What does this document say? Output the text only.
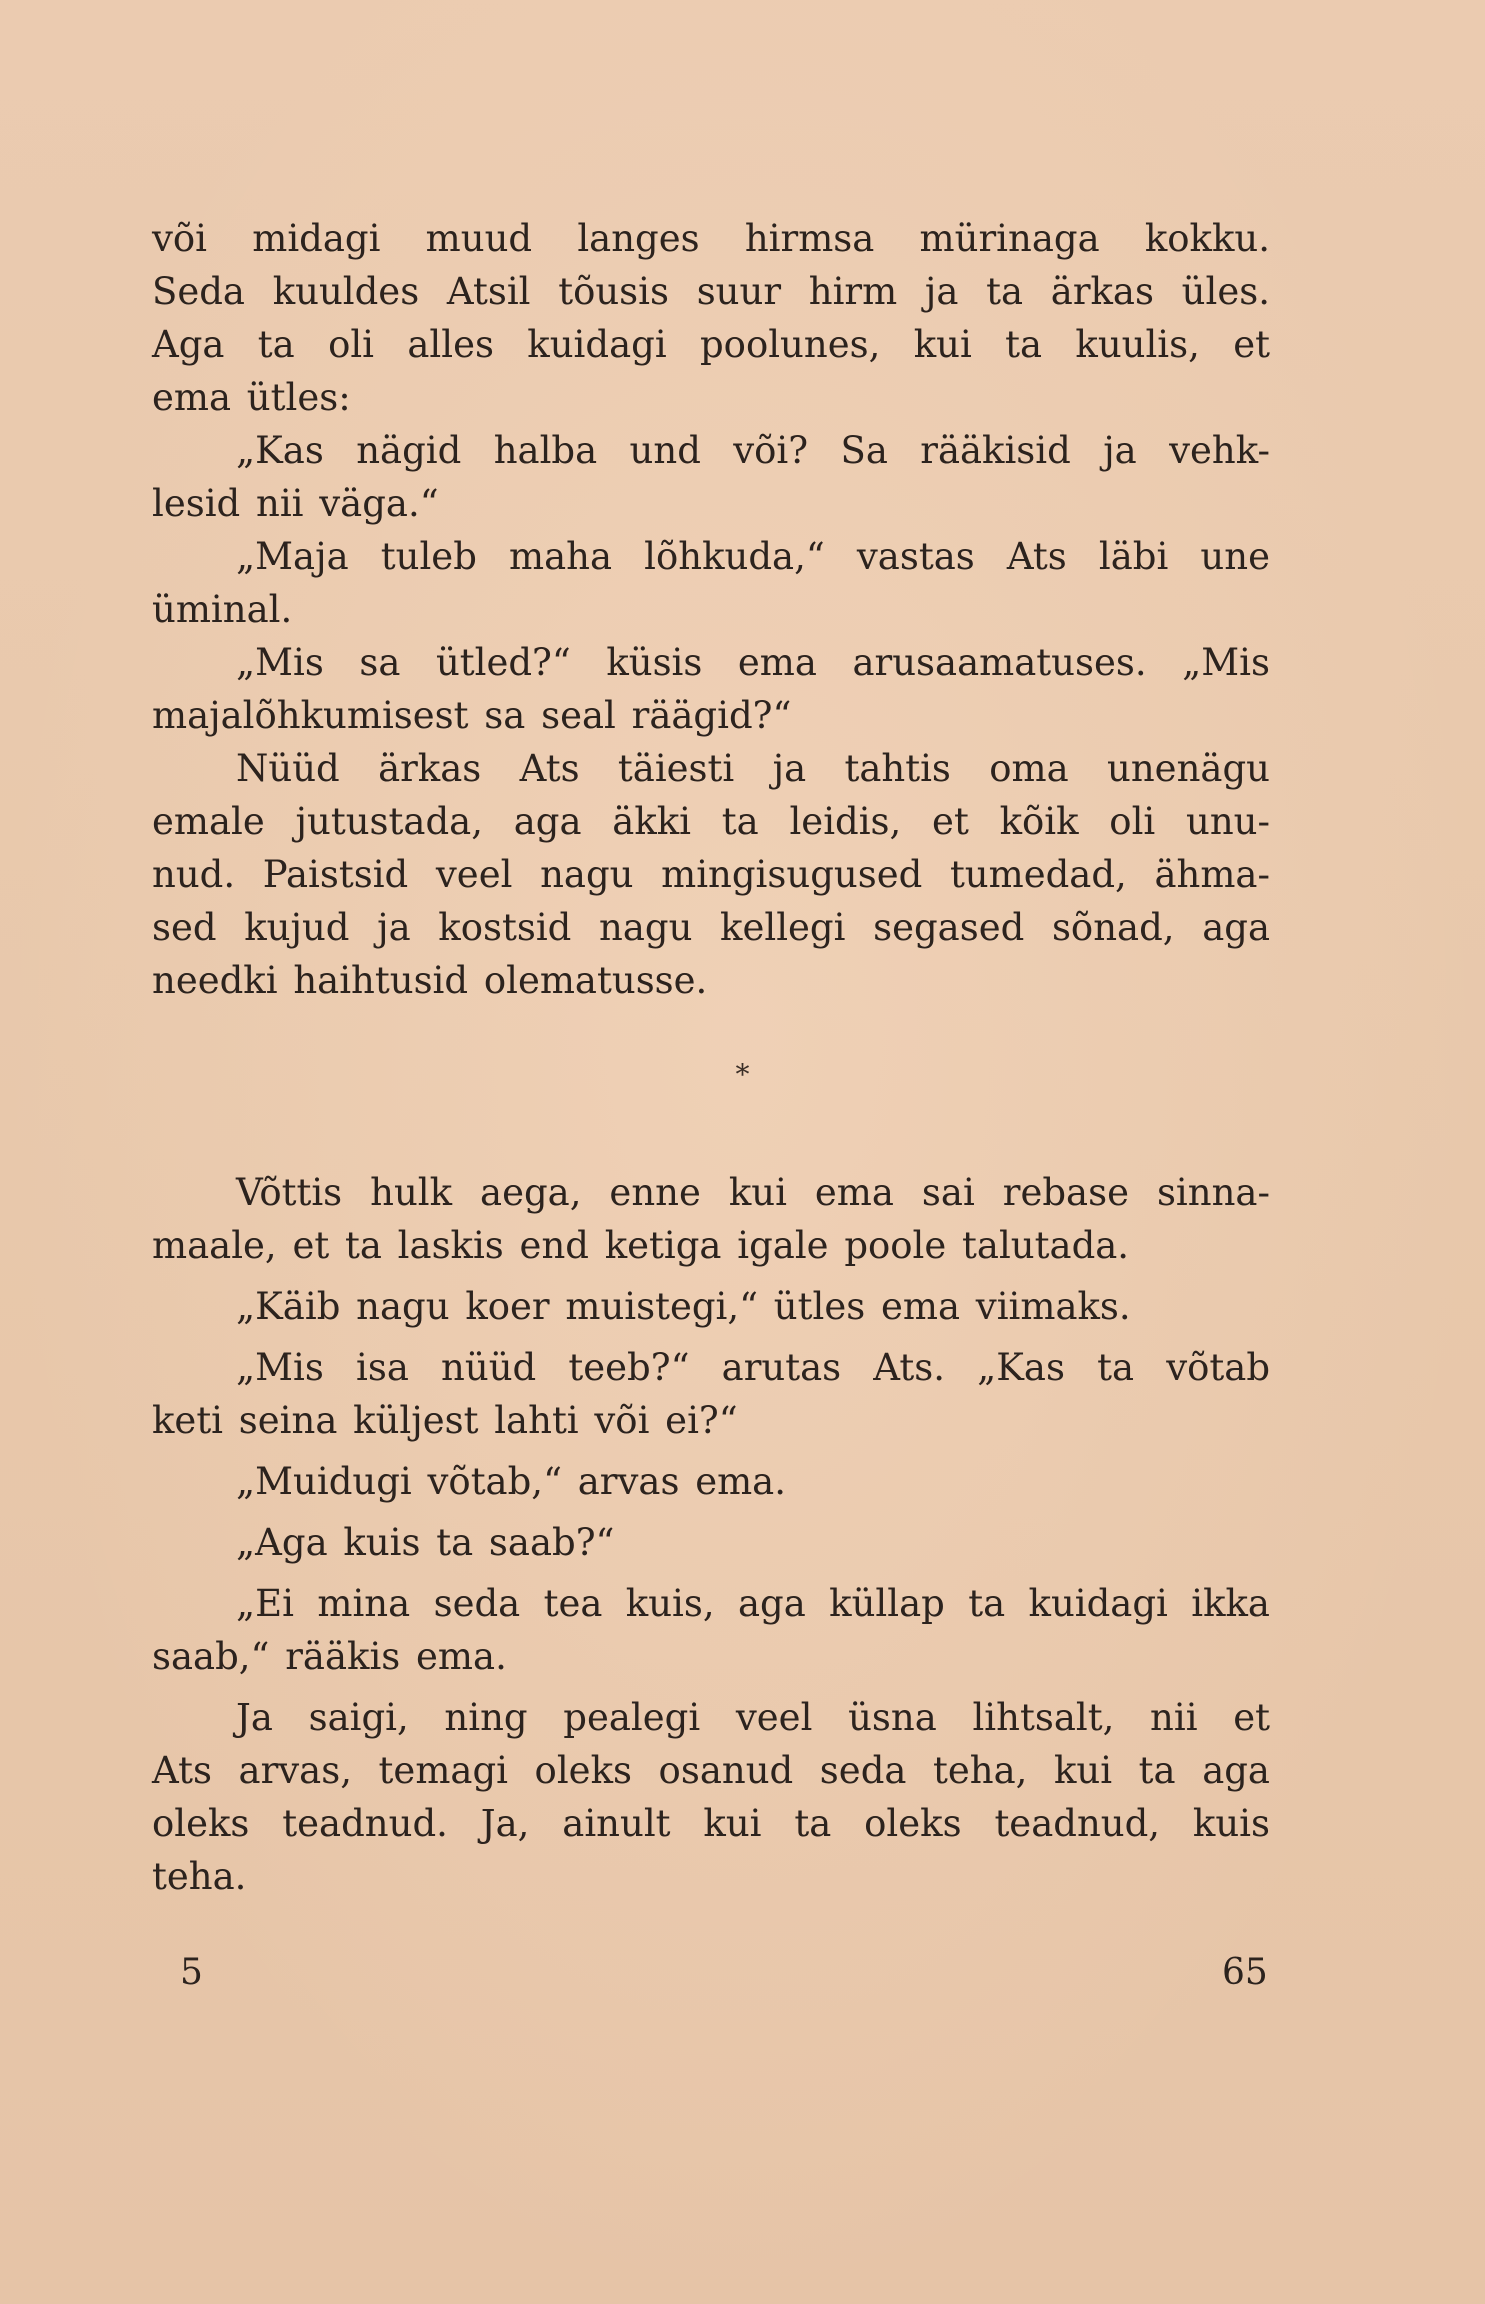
või midagi muud langes hirmsa mürinaga kokku.
Seda kuuldes Atsil tõusis suur hirm ja ta ärkas üles.
Aga ta oli alles kuidagi poolunes, kui ta kuulis, et
ema ütles:
„Kas nägid halba und või? Sa rääkisid ja vehk-
lesid nii väga.“
„Maja tuleb maha lõhkuda,“ vastas Ats läbi une
üminal.
„Mis sa ütled?“ küsis ema arusaamatuses. „Mis
majalõhkumisest sa seal räägid?“
Nüüd ärkas Ats täiesti ja tahtis oma unenägu
emale jutustada, aga äkki ta leidis, et kõik oli unu-
nud. Paistsid veel nagu mingisugused tumedad, ähma-
sed kujud ja kostsid nagu kellegi segased sõnad, aga
needki haihtusid olematusse.
*
Võttis hulk aega, enne kui ema sai rebase sinna-
maale, et ta laskis end ketiga igale poole talutada.
„Käib nagu koer muistegi,“ ütles ema viimaks.
„Mis isa nüüd teeb?“ arutas Ats. „Kas ta võtab
keti seina küljest lahti või ei?“
„Muidugi võtab,“ arvas ema.
„Aga kuis ta saab?“
„Ei mina seda tea kuis, aga küllap ta kuidagi ikka
saab,“ rääkis ema.
Ja saigi, ning pealegi veel üsna lihtsalt, nii et
Ats arvas, temagi oleks osanud seda teha, kui ta aga
oleks teadnud. Ja, ainult kui ta oleks teadnud, kuis
teha.
5	65
